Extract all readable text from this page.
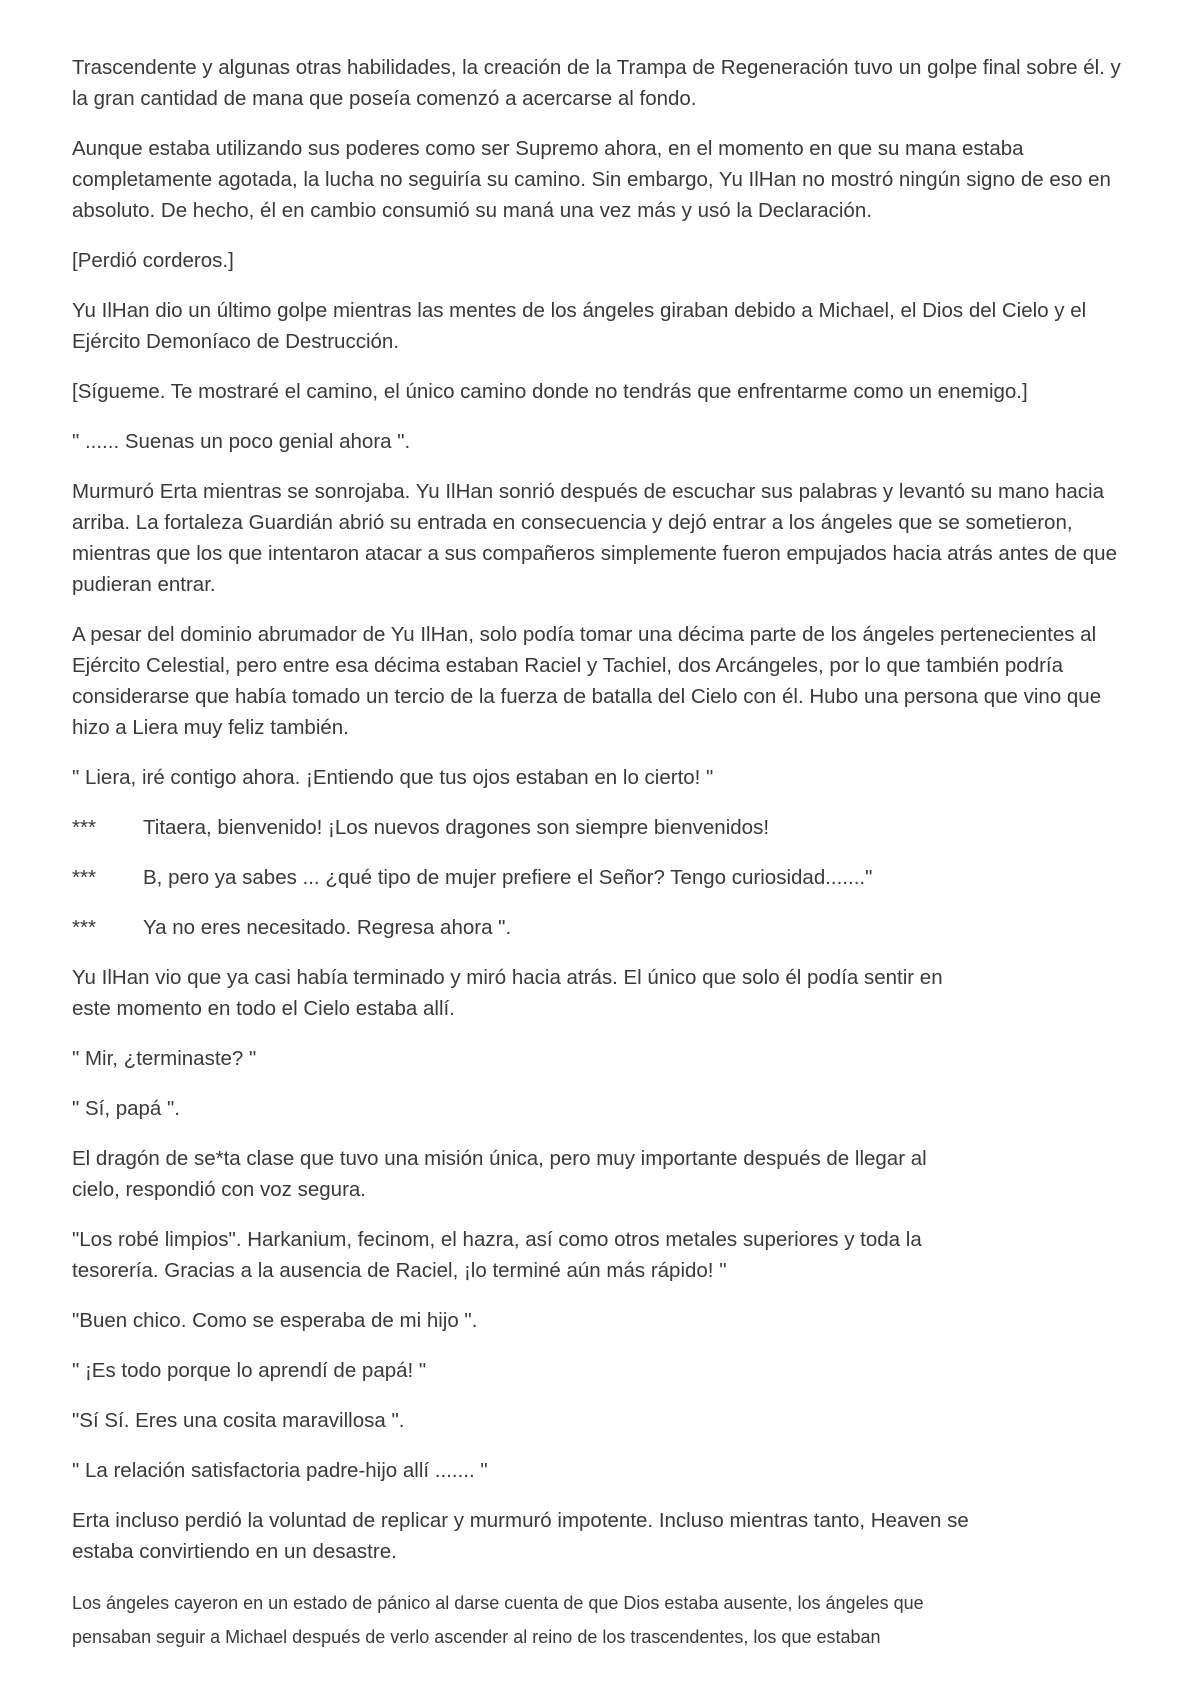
Trascendente y algunas otras habilidades, la creación de la Trampa de Regeneración tuvo un golpe final sobre él. y la gran cantidad de mana que poseía comenzó a acercarse al fondo.

Aunque estaba utilizando sus poderes como ser Supremo ahora, en el momento en que su mana estaba completamente agotada, la lucha no seguiría su camino. Sin embargo, Yu IlHan no mostró ningún signo de eso en absoluto. De hecho, él en cambio consumió su maná una vez más y usó la Declaración.

[Perdió corderos.]

Yu IlHan dio un último golpe mientras las mentes de los ángeles giraban debido a Michael, el Dios del Cielo y el Ejército Demoníaco de Destrucción.

[Sígueme. Te mostraré el camino, el único camino donde no tendrás que enfrentarme como un enemigo.]

" ...... Suenas un poco genial ahora ".

Murmuró Erta mientras se sonrojaba. Yu IlHan sonrió después de escuchar sus palabras y levantó su mano hacia arriba. La fortaleza Guardián abrió su entrada en consecuencia y dejó entrar a los ángeles que se sometieron, mientras que los que intentaron atacar a sus compañeros simplemente fueron empujados hacia atrás antes de que pudieran entrar.

A pesar del dominio abrumador de Yu IlHan, solo podía tomar una décima parte de los ángeles pertenecientes al Ejército Celestial, pero entre esa décima estaban Raciel y Tachiel, dos Arcángeles, por lo que también podría considerarse que había tomado un tercio de la fuerza de batalla del Cielo con él. Hubo una persona que vino que hizo a Liera muy feliz también.

" Liera, iré contigo ahora. ¡Entiendo que tus ojos estaban en lo cierto! "

***	Titaera, bienvenido! ¡Los nuevos dragones son siempre bienvenidos!
***	B, pero ya sabes ... ¿qué tipo de mujer prefiere el Señor? Tengo curiosidad......."
***	Ya no eres necesitado. Regresa ahora ".

Yu IlHan vio que ya casi había terminado y miró hacia atrás. El único que solo él podía sentir en este momento en todo el Cielo estaba allí.

" Mir, ¿terminaste? "

" Sí, papá ".

El dragón de se*ta clase que tuvo una misión única, pero muy importante después de llegar al cielo, respondió con voz segura.

"Los robé limpios". Harkanium, fecinom, el hazra, así como otros metales superiores y toda la tesorería. Gracias a la ausencia de Raciel, ¡lo terminé aún más rápido! "

"Buen chico. Como se esperaba de mi hijo ".

" ¡Es todo porque lo aprendí de papá! "

"Sí Sí. Eres una cosita maravillosa ".

" La relación satisfactoria padre-hijo allí ....... "

Erta incluso perdió la voluntad de replicar y murmuró impotente. Incluso mientras tanto, Heaven se estaba convirtiendo en un desastre.

Los ángeles cayeron en un estado de pánico al darse cuenta de que Dios estaba ausente, los ángeles que pensaban seguir a Michael después de verlo ascender al reino de los trascendentes, los que estaban
